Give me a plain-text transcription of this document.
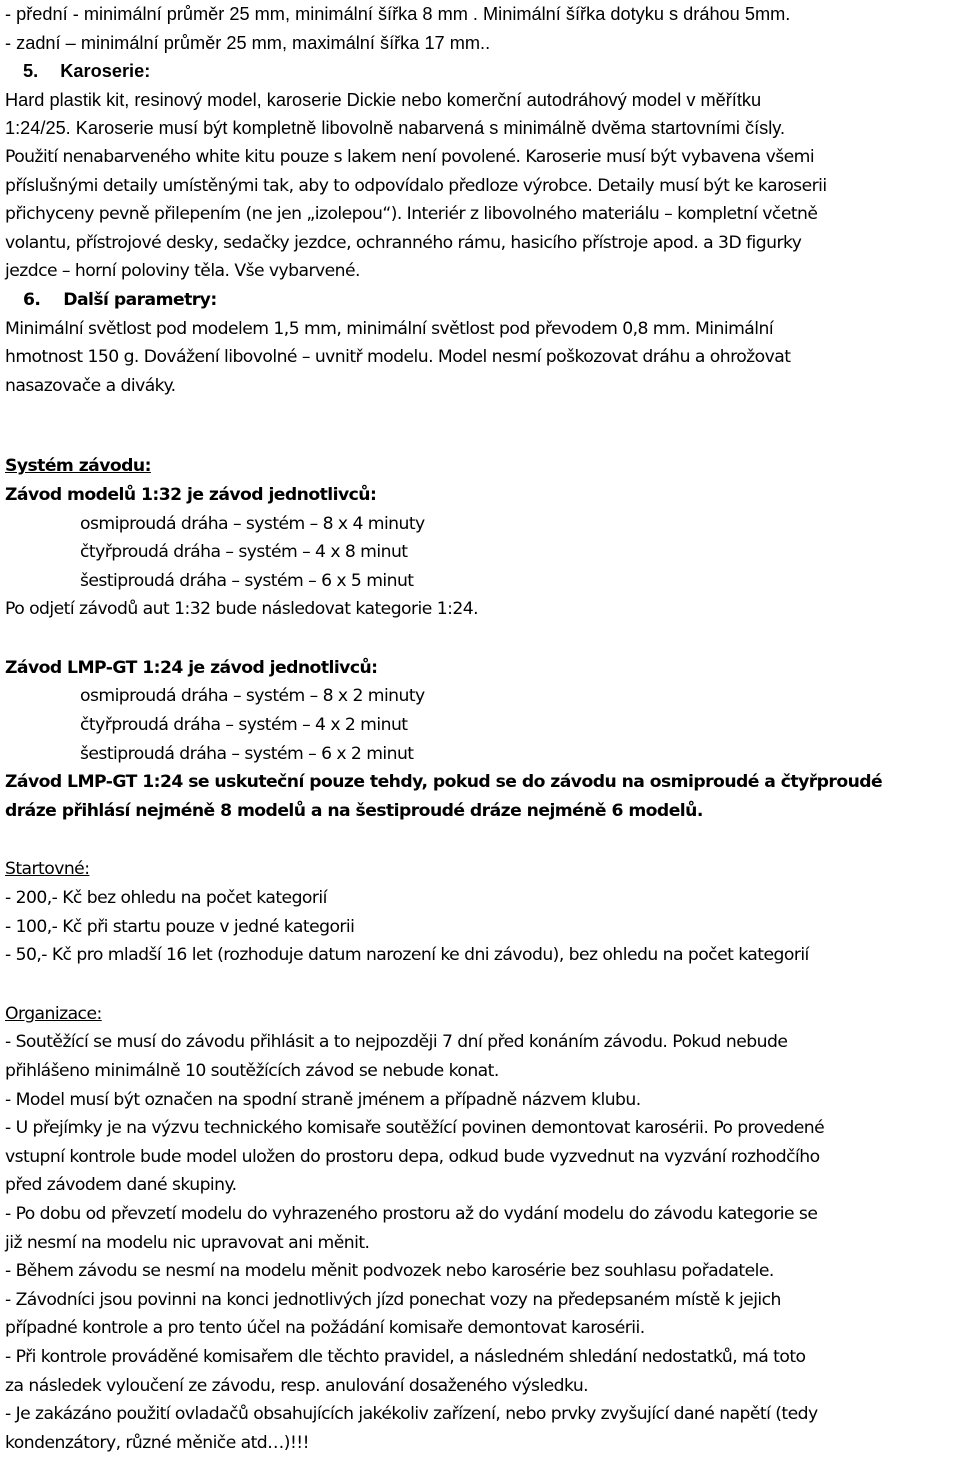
- přední - minimální průměr 25 mm, minimální šířka 8 mm . Minimální šířka dotyku s dráhou 5mm.
- zadní – minimální průměr 25 mm, maximální šířka 17 mm..
5. Karoserie:
Hard plastik kit, resinový model, karoserie Dickie nebo komerční autodráhový model v měřítku
1:24/25. Karoserie musí být kompletně libovolně nabarvená s minimálně dvěma startovními čísly.
Použití nenabarveného white kitu pouze s lakem není povolené. Karoserie musí být vybavena všemi
příslušnými detaily umístěnými tak, aby to odpovídalo předloze výrobce. Detaily musí být ke karoserii
přichyceny pevně přilepením (ne jen „izolepou“). Interiér z libovolného materiálu – kompletní včetně
volantu, přístrojové desky, sedačky jezdce, ochranného rámu, hasicího přístroje apod. a 3D figurky
jezdce – horní poloviny těla. Vše vybarvené.
6. Další parametry:
Minimální světlost pod modelem 1,5 mm, minimální světlost pod převodem 0,8 mm. Minimální
hmotnost 150 g. Dovážení libovolné – uvnitř modelu. Model nesmí poškozovat dráhu a ohrožovat
nasazovače a diváky.
Systém závodu:
Závod modelů 1:32 je závod jednotlivců:
osmiproudá dráha – systém – 8 x 4 minuty
čtyřproudá dráha – systém – 4 x 8 minut
šestiproudá dráha – systém – 6 x 5 minut
Po odjetí závodů aut 1:32 bude následovat kategorie 1:24.
Závod LMP-GT 1:24 je závod jednotlivců:
osmiproudá dráha – systém – 8 x 2 minuty
čtyřproudá dráha – systém – 4 x 2 minut
šestiproudá dráha – systém – 6 x 2 minut
Závod LMP-GT 1:24 se uskuteční pouze tehdy, pokud se do závodu na osmiproudé a čtyřproudé
dráze přihlásí nejméně 8 modelů a na šestiproudé dráze nejméně 6 modelů.
Startovné:
- 200,- Kč bez ohledu na počet kategorií
- 100,- Kč při startu pouze v jedné kategorii
- 50,- Kč pro mladší 16 let (rozhoduje datum narození ke dni závodu), bez ohledu na počet kategorií
Organizace:
- Soutěžící se musí do závodu přihlásit a to nejpozději 7 dní před konáním závodu. Pokud nebude
přihlášeno minimálně 10 soutěžících závod se nebude konat.
- Model musí být označen na spodní straně jménem a případně názvem klubu.
- U přejímky je na výzvu technického komisaře soutěžící povinen demontovat karosérii. Po provedené
vstupní kontrole bude model uložen do prostoru depa, odkud bude vyzvednut na vyzvání rozhodčího
před závodem dané skupiny.
- Po dobu od převzetí modelu do vyhrazeného prostoru až do vydání modelu do závodu kategorie se
již nesmí na modelu nic upravovat ani měnit.
- Během závodu se nesmí na modelu měnit podvozek nebo karosérie bez souhlasu pořadatele.
- Závodníci jsou povinni na konci jednotlivých jízd ponechat vozy na předepsaném místě k jejich
případné kontrole a pro tento účel na požádání komisaře demontovat karosérii.
- Při kontrole prováděné komisařem dle těchto pravidel, a následném shledání nedostatků, má toto
za následek vyloučení ze závodu, resp. anulování dosaženého výsledku.
- Je zakázáno použití ovladačů obsahujících jakékoliv zařízení, nebo prvky zvyšující dané napětí (tedy
kondenzátory, různé měniče atd…)!!!
